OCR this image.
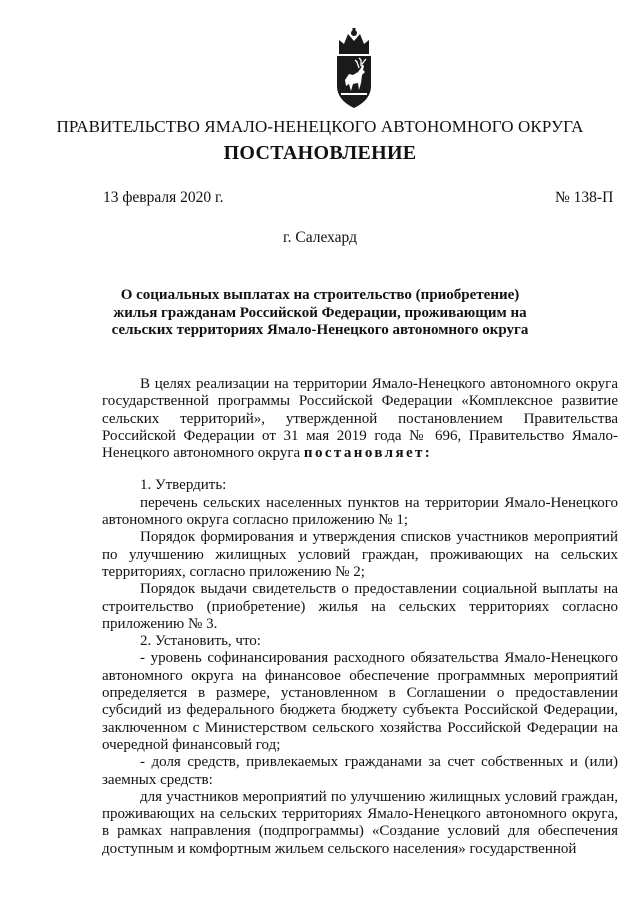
ПРАВИТЕЛЬСТВО ЯМАЛО-НЕНЕЦКОГО АВТОНОМНОГО ОКРУГА
ПОСТАНОВЛЕНИЕ
13 февраля 2020 г.	№ 138-П
г. Салехард
О социальных выплатах на строительство (приобретение) жилья гражданам Российской Федерации, проживающим на сельских территориях Ямало-Ненецкого автономного округа

В целях реализации на территории Ямало-Ненецкого автономного округа государственной программы Российской Федерации «Комплексное развитие сельских территорий», утвержденной постановлением Правительства Российской Федерации от 31 мая 2019 года № 696, Правительство Ямало-Ненецкого автономного округа постановляет:

1. Утвердить:

перечень сельских населенных пунктов на территории Ямало-Ненецкого автономного округа согласно приложению № 1;

Порядок формирования и утверждения списков участников мероприятий по улучшению жилищных условий граждан, проживающих на сельских территориях, согласно приложению № 2;

Порядок выдачи свидетельств о предоставлении социальной выплаты на строительство (приобретение) жилья на сельских территориях согласно приложению № 3.

2. Установить, что:

- уровень софинансирования расходного обязательства Ямало-Ненецкого автономного округа на финансовое обеспечение программных мероприятий определяется в размере, установленном в Соглашении о предоставлении субсидий из федерального бюджета бюджету субъекта Российской Федерации, заключенном с Министерством сельского хозяйства Российской Федерации на очередной финансовый год;

- доля средств, привлекаемых гражданами за счет собственных и (или) заемных средств:

для участников мероприятий по улучшению жилищных условий граждан, проживающих на сельских территориях Ямало-Ненецкого автономного округа, в рамках направления (подпрограммы) «Создание условий для обеспечения доступным и комфортным жильем сельского населения» государственной
